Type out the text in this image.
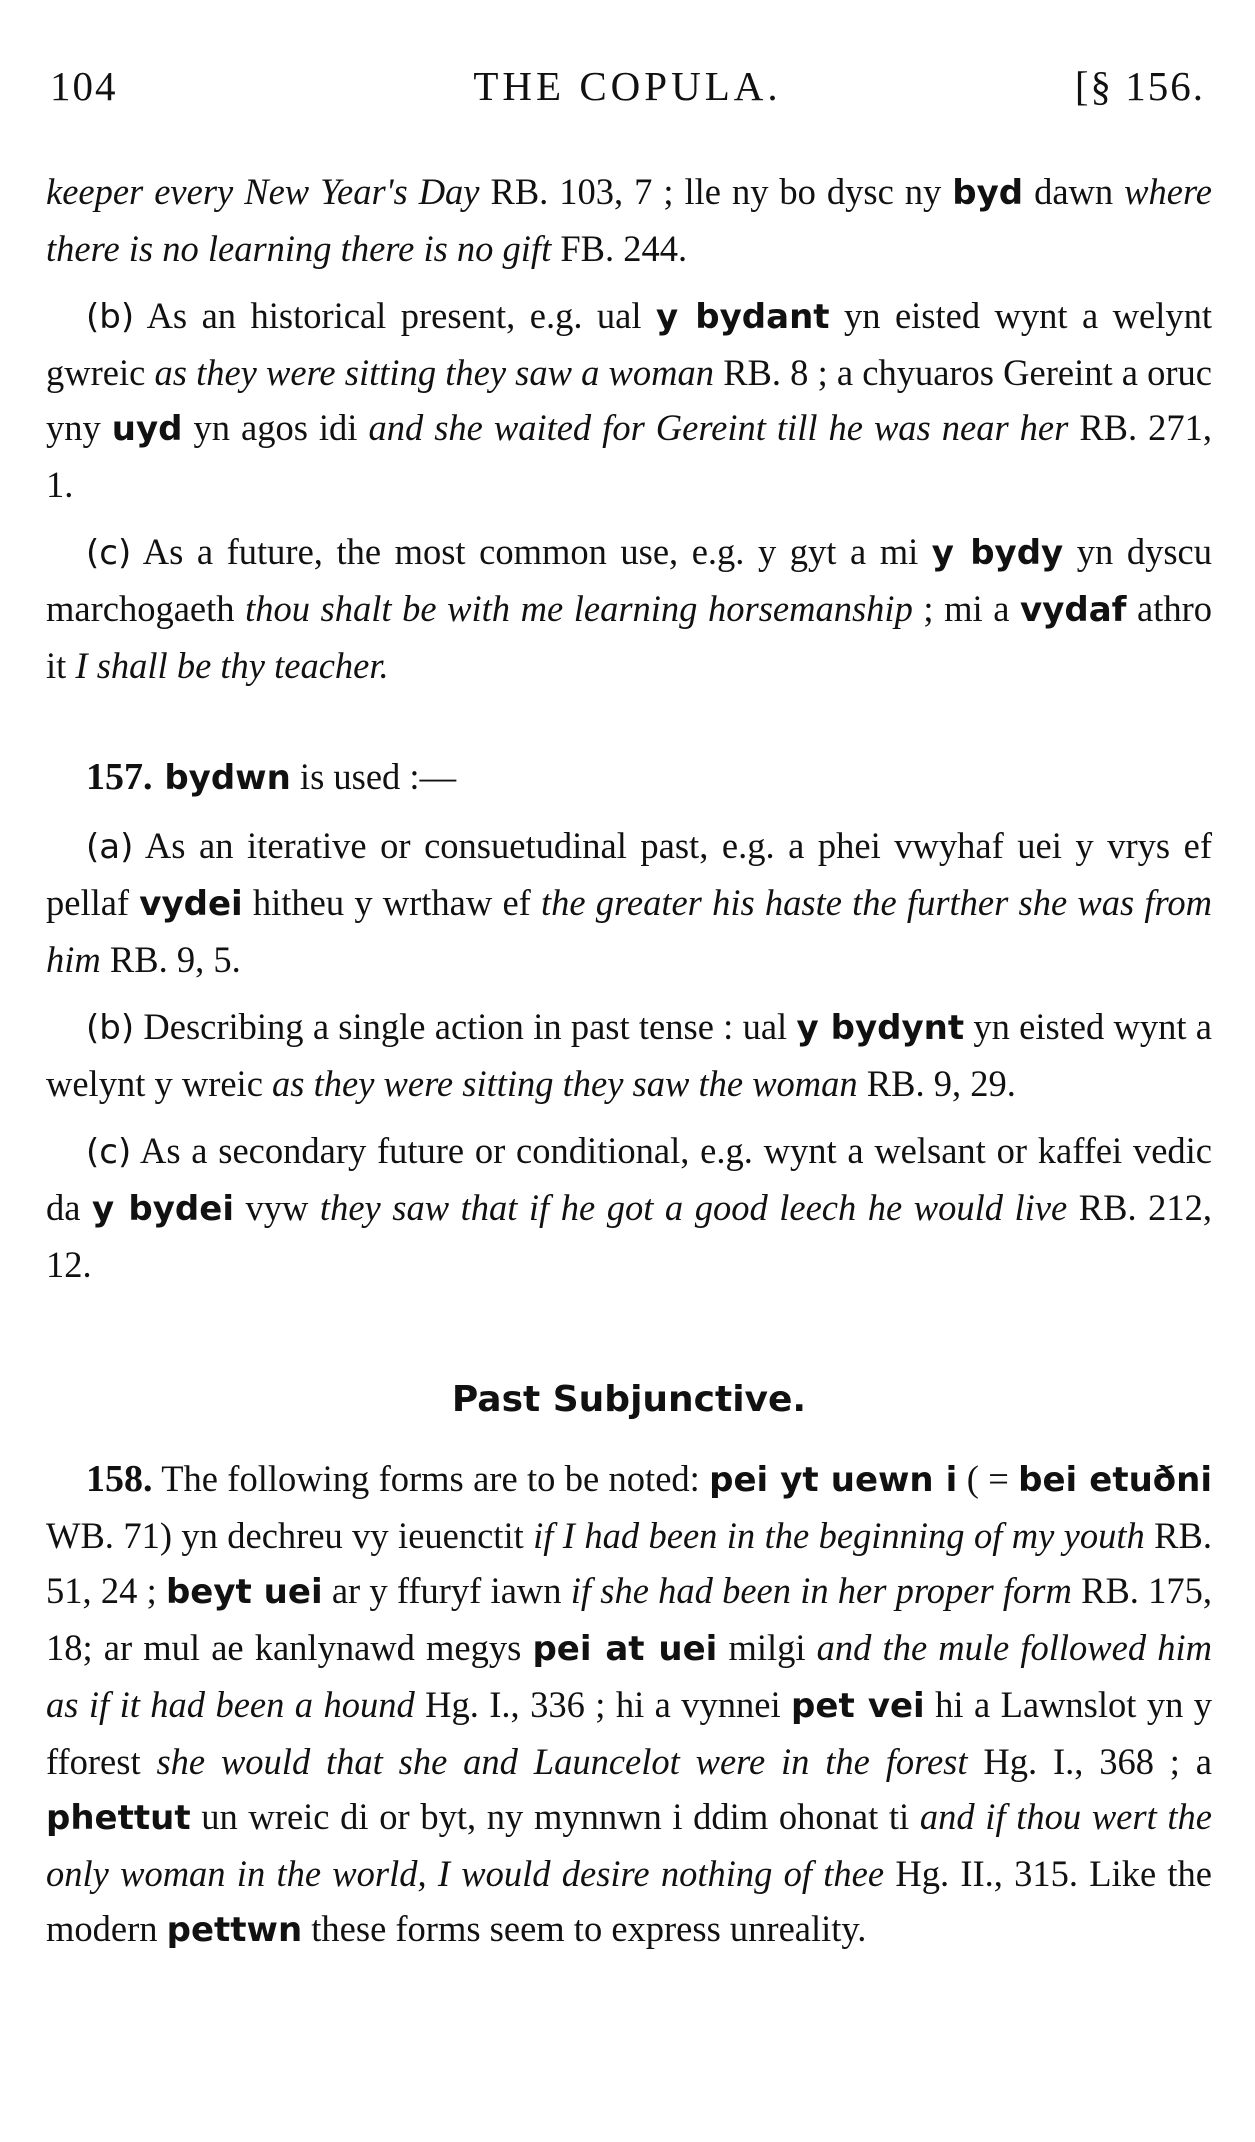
104	THE COPULA.	[§ 156.

keeper every New Year's Day RB. 103, 7 ; lle ny bo dysc ny byd dawn where there is no learning there is no gift FB. 244.

(b) As an historical present, e.g. ual y bydant yn eisted wynt a welynt gwreic as they were sitting they saw a woman RB. 8 ; a chyuaros Gereint a oruc yny uyd yn agos idi and she waited for Gereint till he was near her RB. 271, 1.

(c) As a future, the most common use, e.g. y gyt a mi y bydy yn dyscu marchogaeth thou shalt be with me learning horsemanship ; mi a vydaf athro it I shall be thy teacher.

157. bydwn is used :—

(a) As an iterative or consuetudinal past, e.g. a phei vwyhaf uei y vrys ef pellaf vydei hitheu y wrthaw ef the greater his haste the further she was from him RB. 9, 5.

(b) Describing a single action in past tense : ual y bydynt yn eisted wynt a welynt y wreic as they were sitting they saw the woman RB. 9, 29.

(c) As a secondary future or conditional, e.g. wynt a welsant or kaffei vedic da y bydei vyw they saw that if he got a good leech he would live RB. 212, 12.

Past Subjunctive.

158. The following forms are to be noted: pei yt uewn i ( = bei etuðni WB. 71) yn dechreu vy ieuenctit if I had been in the beginning of my youth RB. 51, 24 ; beyt uei ar y ffuryf iawn if she had been in her proper form RB. 175, 18; ar mul ae kanlynawd megys pei at uei milgi and the mule followed him as if it had been a hound Hg. I., 336 ; hi a vynnei pet vei hi a Lawnslot yn y fforest she would that she and Launcelot were in the forest Hg. I., 368 ; a phettut un wreic di or byt, ny mynnwn i ddim ohonat ti and if thou wert the only woman in the world, I would desire nothing of thee Hg. II., 315. Like the modern pettwn these forms seem to express unreality.
